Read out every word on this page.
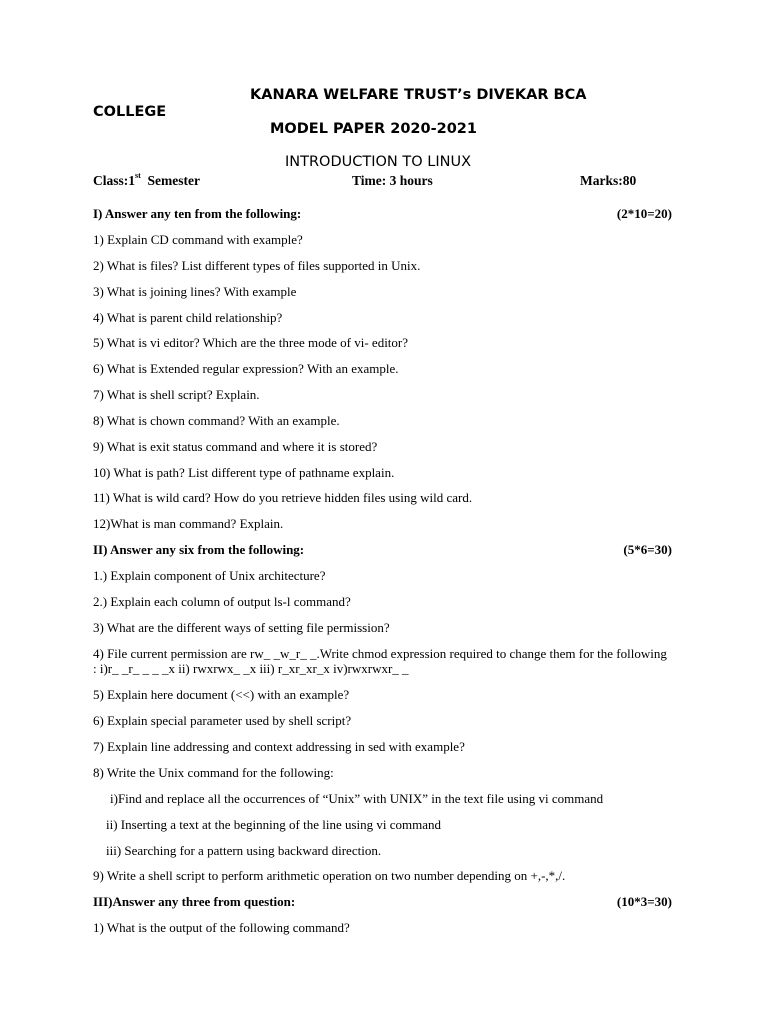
KANARA WELFARE TRUST’s DIVEKAR BCA
COLLEGE
MODEL PAPER 2020-2021
INTRODUCTION TO LINUX
Class:1st  Semester	Time: 3 hours	Marks:80
I) Answer any ten from the following:	(2*10=20)
1) Explain CD command with example?
2) What is files? List different types of files supported in Unix.
3) What is joining lines? With example
4) What is parent child relationship?
5) What is vi editor? Which are the three mode of vi- editor?
6) What is Extended regular expression? With an example.
7) What is shell script? Explain.
8) What is chown command? With an example.
9) What is exit status command and where it is stored?
10) What is path? List different type of pathname explain.
11) What is wild card? How do you retrieve hidden files using wild card.
12)What is man command? Explain.
II) Answer any six from the following:	(5*6=30)
1.) Explain component of Unix architecture?
2.) Explain each column of output ls-l command?
3) What are the different ways of setting file permission?
4) File current permission are rw_ _w_r_ _.Write chmod expression required to change them for the following : i)r_ _r_ _ _ _x ii) rwxrwx_ _x iii) r_xr_xr_x iv)rwxrwxr_ _
5) Explain here document (<<) with an example?
6) Explain special parameter used by shell script?
7) Explain line addressing and context addressing in sed with example?
8) Write the Unix command for the following:
i)Find and replace all the occurrences of “Unix” with UNIX” in the text file using vi command
ii) Inserting a text at the beginning of the line using vi command
iii) Searching for a pattern using backward direction.
9) Write a shell script to perform arithmetic operation on two number depending on +,-,*,/.
III)Answer any three from question:	(10*3=30)
1) What is the output of the following command?
